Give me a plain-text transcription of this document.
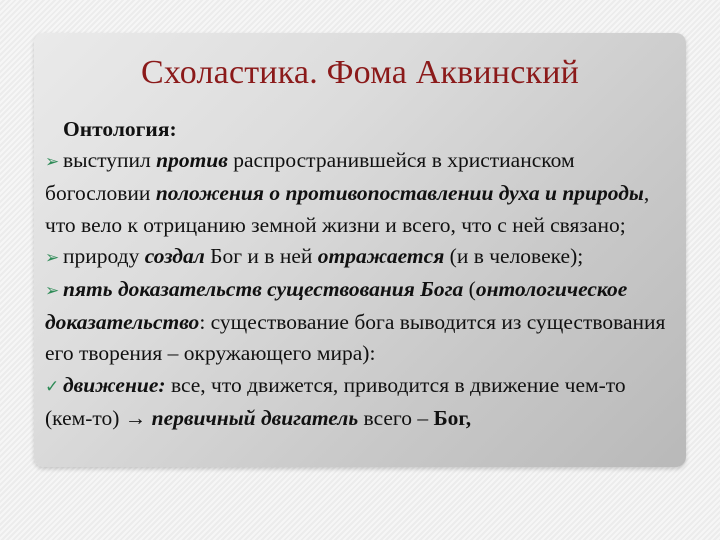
Схоластика. Фома Аквинский

Онтология:

➢ выступил против распространившейся в христианском богословии положения о противопоставлении духа и природы, что вело к отрицанию земной жизни и всего, что с ней связано;

➢ природу создал Бог и в ней отражается (и в человеке);

➢ пять доказательств существования Бога (онтологическое доказательство: существование бога выводится из существования его творения – окружающего мира):

✓ движение: все, что движется, приводится в движение чем-то (кем-то) → первичный двигатель всего – Бог,
